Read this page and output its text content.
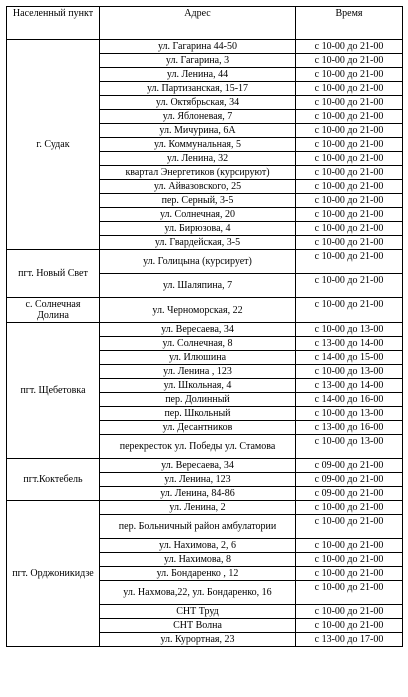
Населенный пункт	Адрес	Время
г. Судак	ул. Гагарина 44-50	с 10-00 до 21-00
	ул. Гагарина, 3	с 10-00 до 21-00
	ул. Ленина, 44	с 10-00 до 21-00
	ул. Партизанская, 15-17	с 10-00 до 21-00
	ул. Октябрьская, 34	с 10-00 до 21-00
	ул. Яблоневая, 7	с 10-00 до 21-00
	ул. Мичурина, 6А	с 10-00 до 21-00
	ул. Коммунальная, 5	с 10-00 до 21-00
	ул. Ленина, 32	с 10-00 до 21-00
	квартал Энергетиков (курсируют)	с 10-00 до 21-00
	ул. Айвазовского, 25	с 10-00 до 21-00
	пер. Серный, 3-5	с 10-00 до 21-00
	ул. Солнечная, 20	с 10-00 до 21-00
	ул. Бирюзова, 4	с 10-00 до 21-00
	ул. Гвардейская, 3-5	с 10-00 до 21-00
пгт. Новый Свет	ул. Голицына (курсирует)	с 10-00 до 21-00
	ул. Шаляпина, 7	с 10-00 до 21-00
с. Солнечная Долина	ул. Черноморская, 22	с 10-00 до 21-00
пгт. Щебетовка	ул. Вересаева, 34	с 10-00 до 13-00
	ул. Солнечная, 8	с 13-00 до 14-00
	ул. Илюшина	с 14-00 до 15-00
	ул. Ленина , 123	с 10-00 до 13-00
	ул. Школьная, 4	с 13-00 до 14-00
	пер. Долинный	с 14-00 до 16-00
	пер. Школьный	с 10-00 до 13-00
	ул. Десантников	с 13-00 до 16-00
	перекресток ул. Победы ул. Стамова	с 10-00 до 13-00
пгт.Коктебель	ул. Вересаева, 34	с 09-00 до 21-00
	ул. Ленина, 123	с 09-00 до 21-00
	ул. Ленина, 84-86	с 09-00 до 21-00
пгт. Орджоникидзе	ул. Ленина, 2	с 10-00 до 21-00
	пер. Больничный район амбулатории	с 10-00 до 21-00
	ул. Нахимова, 2, 6	с 10-00 до 21-00
	ул. Нахимова, 8	с 10-00 до 21-00
	ул. Бондаренко , 12	с 10-00 до 21-00
	ул. Нахмова,22, ул. Бондаренко, 16	с 10-00 до 21-00
	СНТ Труд	с 10-00 до 21-00
	СНТ Волна	с 10-00 до 21-00
	ул. Курортная, 23	с 13-00 до 17-00
